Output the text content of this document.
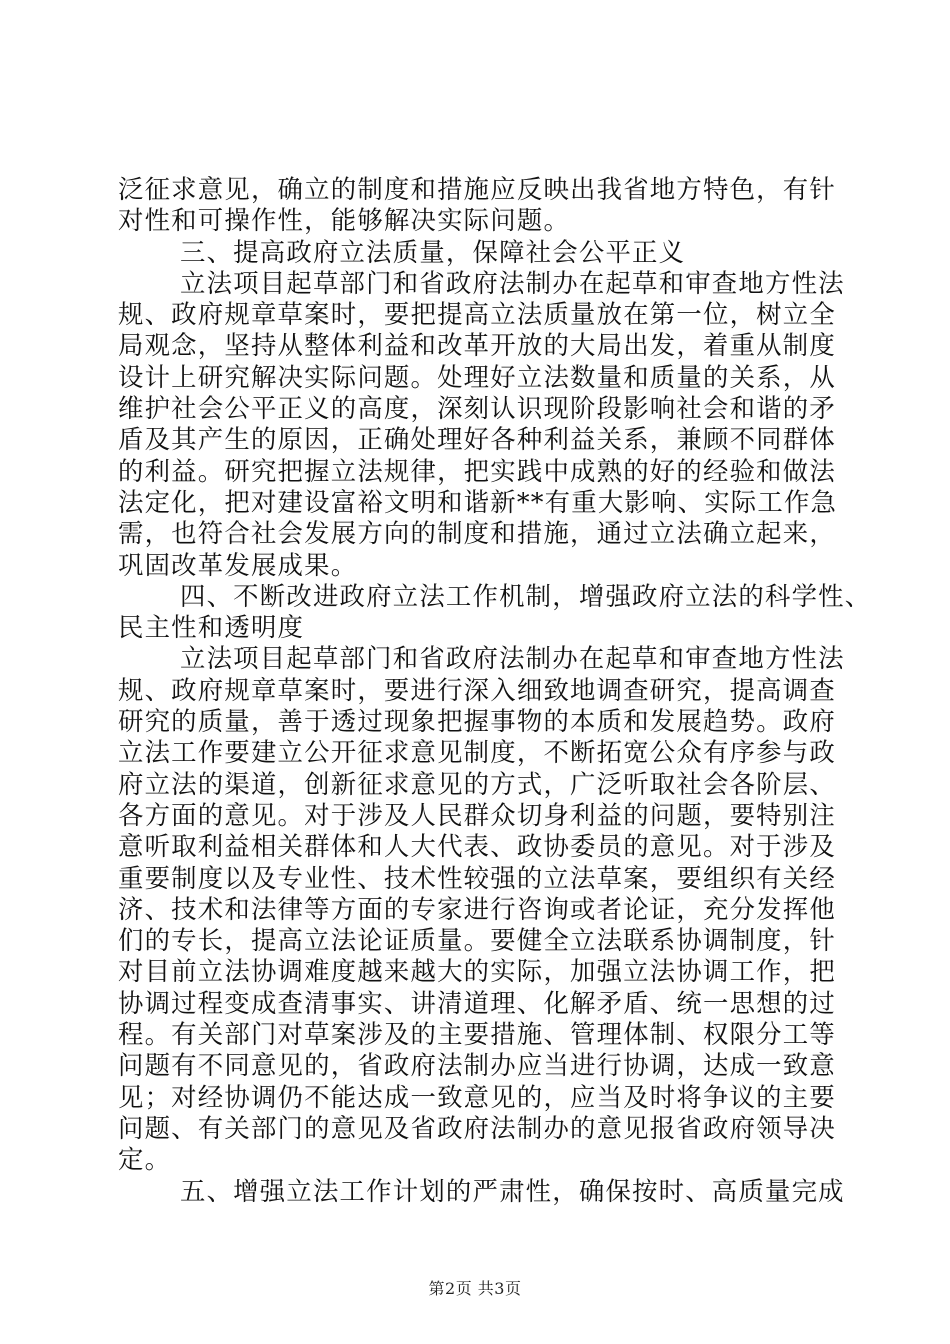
泛征求意见，确立的制度和措施应反映出我省地方特色，有针
对性和可操作性，能够解决实际问题。
三、提高政府立法质量，保障社会公平正义
立法项目起草部门和省政府法制办在起草和审查地方性法
规、政府规章草案时，要把提高立法质量放在第一位，树立全
局观念，坚持从整体利益和改革开放的大局出发，着重从制度
设计上研究解决实际问题。处理好立法数量和质量的关系，从
维护社会公平正义的高度，深刻认识现阶段影响社会和谐的矛
盾及其产生的原因，正确处理好各种利益关系，兼顾不同群体
的利益。研究把握立法规律，把实践中成熟的好的经验和做法
法定化，把对建设富裕文明和谐新**有重大影响、实际工作急
需，也符合社会发展方向的制度和措施，通过立法确立起来，
巩固改革发展成果。
四、不断改进政府立法工作机制，增强政府立法的科学性、
民主性和透明度
立法项目起草部门和省政府法制办在起草和审查地方性法
规、政府规章草案时，要进行深入细致地调查研究，提高调查
研究的质量，善于透过现象把握事物的本质和发展趋势。政府
立法工作要建立公开征求意见制度，不断拓宽公众有序参与政
府立法的渠道，创新征求意见的方式，广泛听取社会各阶层、
各方面的意见。对于涉及人民群众切身利益的问题，要特别注
意听取利益相关群体和人大代表、政协委员的意见。对于涉及
重要制度以及专业性、技术性较强的立法草案，要组织有关经
济、技术和法律等方面的专家进行咨询或者论证，充分发挥他
们的专长，提高立法论证质量。要健全立法联系协调制度，针
对目前立法协调难度越来越大的实际，加强立法协调工作，把
协调过程变成查清事实、讲清道理、化解矛盾、统一思想的过
程。有关部门对草案涉及的主要措施、管理体制、权限分工等
问题有不同意见的，省政府法制办应当进行协调，达成一致意
见；对经协调仍不能达成一致意见的，应当及时将争议的主要
问题、有关部门的意见及省政府法制办的意见报省政府领导决
定。
五、增强立法工作计划的严肃性，确保按时、高质量完成
第2页 共3页
